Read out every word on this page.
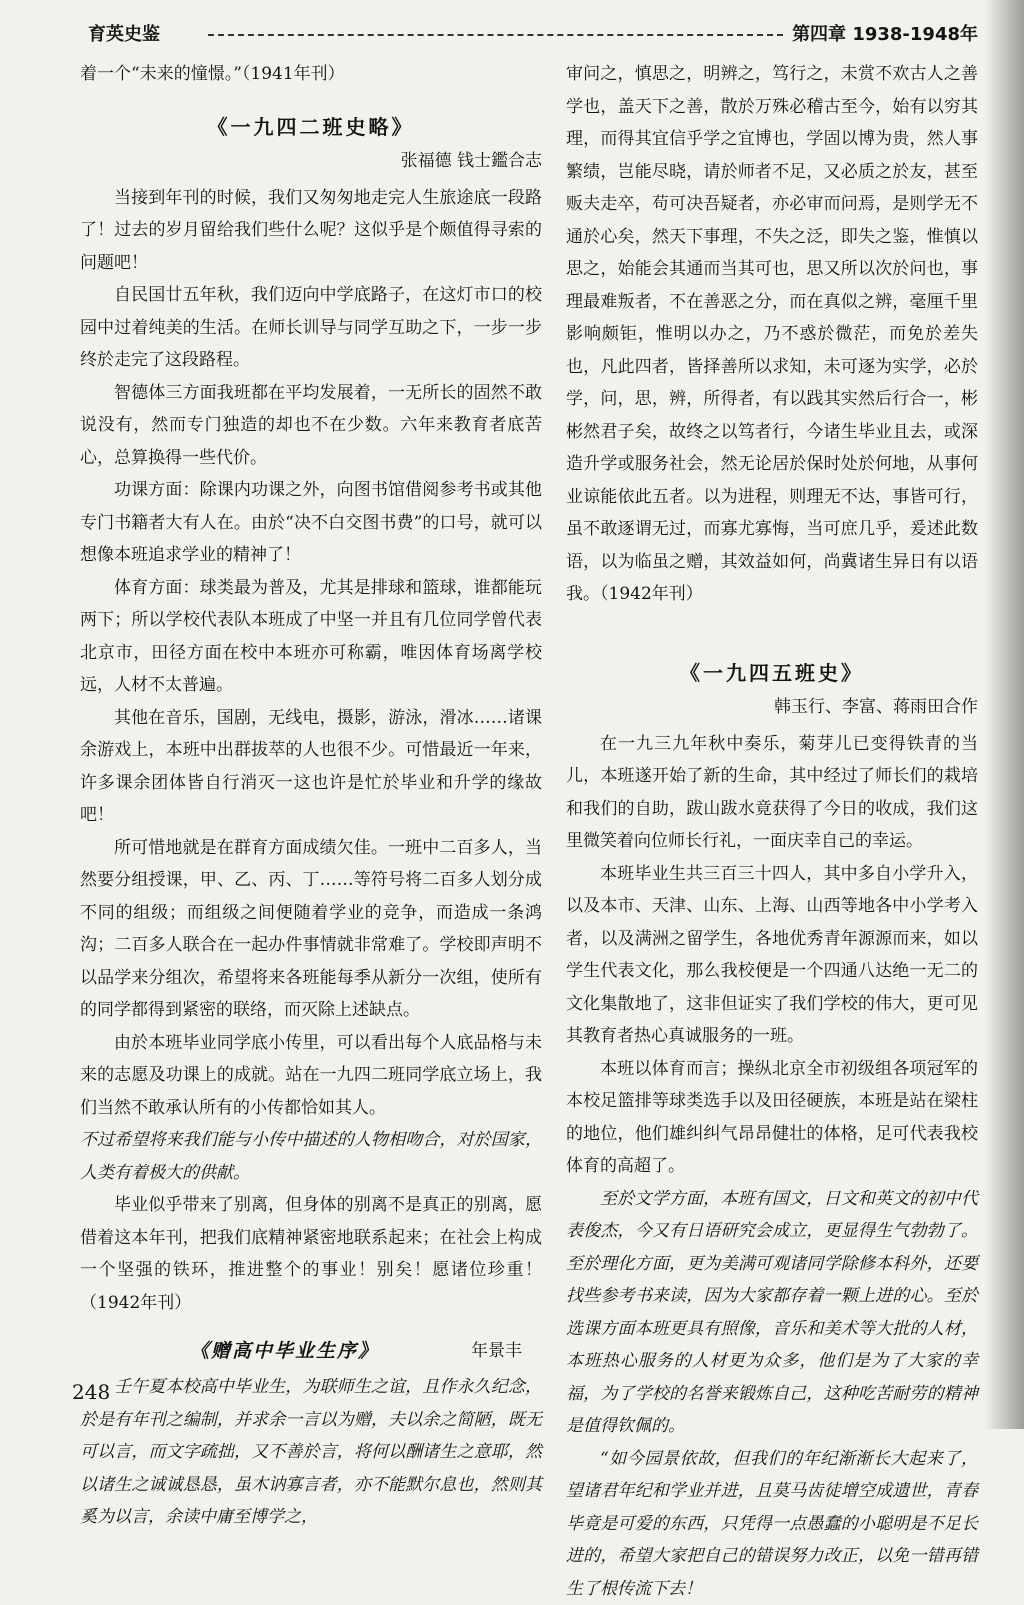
育英史鉴	第四章 1938-1948年

着一个“未来的憧憬。”（1941年刊）

《一九四二班史略》
张福德 钱士鑑合志

当接到年刊的时候，我们又匆匆地走完人生旅途底一段路了！过去的岁月留给我们些什么呢？这似乎是个颇值得寻索的问题吧！

自民国廿五年秋，我们迈向中学底路子，在这灯市口的校园中过着纯美的生活。在师长训导与同学互助之下，一步一步终於走完了这段路程。

智德体三方面我班都在平均发展着，一无所长的固然不敢说没有，然而专门独造的却也不在少数。六年来教育者底苦心，总算换得一些代价。

功课方面：除课内功课之外，向图书馆借阅参考书或其他专门书籍者大有人在。由於“决不白交图书费”的口号，就可以想像本班追求学业的精神了！

体育方面：球类最为普及，尤其是排球和篮球，谁都能玩两下；所以学校代表队本班成了中坚一并且有几位同学曾代表北京市，田径方面在校中本班亦可称霸，唯因体育场离学校远，人材不太普遍。

其他在音乐，国剧，无线电，摄影，游泳，滑冰……诸课余游戏上，本班中出群拔萃的人也很不少。可惜最近一年来，许多课余团体皆自行消灭一这也许是忙於毕业和升学的缘故吧！

所可惜地就是在群育方面成绩欠佳。一班中二百多人，当然要分组授课，甲、乙、丙、丁……等符号将二百多人划分成不同的组级；而组级之间便随着学业的竞争，而造成一条鸿沟；二百多人联合在一起办件事情就非常难了。学校即声明不以品学来分组次，希望将来各班能每季从新分一次组，使所有的同学都得到紧密的联络，而灭除上述缺点。

由於本班毕业同学底小传里，可以看出每个人底品格与未来的志愿及功课上的成就。站在一九四二班同学底立场上，我们当然不敢承认所有的小传都恰如其人。

不过希望将来我们能与小传中描述的人物相吻合，对於国家，人类有着极大的供献。

毕业似乎带来了别离，但身体的别离不是真正的别离，愿借着这本年刊，把我们底精神紧密地联系起来；在社会上构成一个坚强的铁环，推进整个的事业！别矣！愿诸位珍重！（1942年刊）

《赠高中毕业生序》	年景丰

壬午夏本校高中毕业生，为联师生之谊，且作永久纪念，於是有年刊之编制，并求余一言以为赠，夫以余之简陋，既无可以言，而文字疏拙，又不善於言，将何以酬诸生之意耶，然以诸生之诚诚恳恳，虽木讷寡言者，亦不能默尔息也，然则其奚为以言，余读中庸至博学之，

审问之，慎思之，明辨之，笃行之，未赏不欢古人之善学也，盖天下之善，散於万殊必稽古至今，始有以穷其理，而得其宜信乎学之宜博也，学固以博为贵，然人事繁绩，岂能尽晓，请於师者不足，又必质之於友，甚至贩夫走卒，苟可决吾疑者，亦必审而问焉，是则学无不通於心矣，然天下事理，不失之泛，即失之鉴，惟慎以思之，始能会其通而当其可也，思又所以次於问也，事理最难叛者，不在善恶之分，而在真似之辨，毫厘千里影响颇钜，惟明以办之，乃不惑於微茫，而免於差失也，凡此四者，皆择善所以求知，未可逐为实学，必於学，问，思，辨，所得者，有以践其实然后行合一，彬彬然君子矣，故终之以笃者行，今诸生毕业且去，或深造升学或服务社会，然无论居於保时处於何地，从事何业谅能依此五者。以为进程，则理无不达，事皆可行，虽不敢逐谓无过，而寡尤寡悔，当可庶几乎，爰述此数语，以为临虽之赠，其效益如何，尚冀诸生异日有以语我。（1942年刊）

《一九四五班史》
韩玉行、李富、蒋雨田合作

在一九三九年秋中奏乐，菊芽儿已变得铁青的当儿，本班遂开始了新的生命，其中经过了师长们的栽培和我们的自助，跋山跋水竟获得了今日的收成，我们这里微笑着向位师长行礼，一面庆幸自己的幸运。

本班毕业生共三百三十四人，其中多自小学升入，以及本市、天津、山东、上海、山西等地各中小学考入者，以及满洲之留学生，各地优秀青年源源而来，如以学生代表文化，那么我校便是一个四通八达绝一无二的文化集散地了，这非但证实了我们学校的伟大，更可见其教育者热心真诚服务的一班。

本班以体育而言；操纵北京全市初级组各项冠军的本校足篮排等球类选手以及田径硬族，本班是站在梁柱的地位，他们雄纠纠气昂昂健壮的体格，足可代表我校体育的高超了。

至於文学方面，本班有国文，日文和英文的初中代表俊杰，今又有日语研究会成立，更显得生气勃勃了。至於理化方面，更为美满可观诸同学除修本科外，还要找些参考书来读，因为大家都存着一颗上进的心。至於选课方面本班更具有照像，音乐和美术等大批的人材，本班热心服务的人材更为众多，他们是为了大家的幸福，为了学校的名誉来锻炼自己，这种吃苦耐劳的精神是值得钦佩的。

“如今园景依故，但我们的年纪渐渐长大起来了，望诸君年纪和学业并进，且莫马齿徒增空成遗世，青春毕竟是可爱的东西，只凭得一点愚蠢的小聪明是不足长进的，希望大家把自己的错误努力改正，以免一错再错生了根传流下去！

248
